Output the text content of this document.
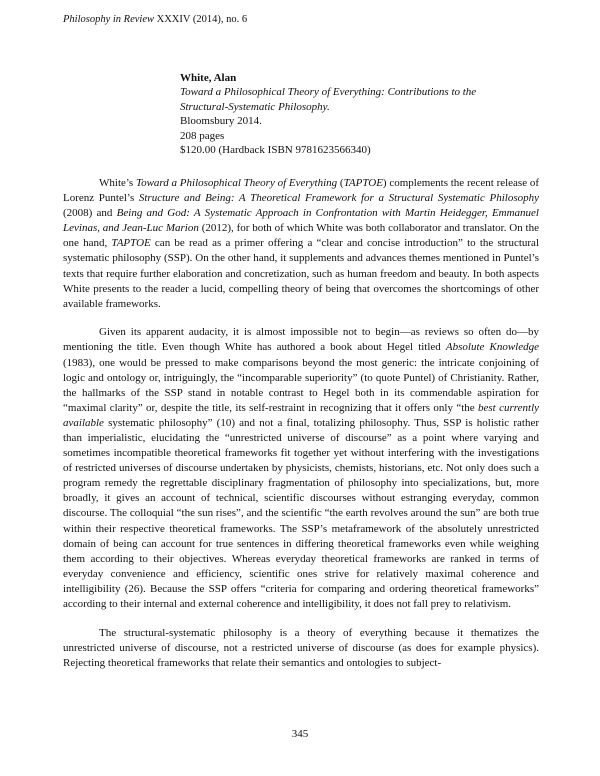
Philosophy in Review XXXIV (2014), no. 6
White, Alan
Toward a Philosophical Theory of Everything: Contributions to the
Structural-Systematic Philosophy.
Bloomsbury 2014.
208 pages
$120.00 (Hardback ISBN 9781623566340)

White’s Toward a Philosophical Theory of Everything (TAPTOE) complements the recent release of Lorenz Puntel’s Structure and Being: A Theoretical Framework for a Structural Systematic Philosophy (2008) and Being and God: A Systematic Approach in Confrontation with Martin Heidegger, Emmanuel Levinas, and Jean-Luc Marion (2012), for both of which White was both collaborator and translator. On the one hand, TAPTOE can be read as a primer offering a “clear and concise introduction” to the structural systematic philosophy (SSP). On the other hand, it supplements and advances themes mentioned in Puntel’s texts that require further elaboration and concretization, such as human freedom and beauty. In both aspects White presents to the reader a lucid, compelling theory of being that overcomes the shortcomings of other available frameworks.

Given its apparent audacity, it is almost impossible not to begin—as reviews so often do—by mentioning the title. Even though White has authored a book about Hegel titled Absolute Knowledge (1983), one would be pressed to make comparisons beyond the most generic: the intricate conjoining of logic and ontology or, intriguingly, the “incomparable superiority” (to quote Puntel) of Christianity. Rather, the hallmarks of the SSP stand in notable contrast to Hegel both in its commendable aspiration for “maximal clarity” or, despite the title, its self-restraint in recognizing that it offers only “the best currently available systematic philosophy” (10) and not a final, totalizing philosophy. Thus, SSP is holistic rather than imperialistic, elucidating the “unrestricted universe of discourse” as a point where varying and sometimes incompatible theoretical frameworks fit together yet without interfering with the investigations of restricted universes of discourse undertaken by physicists, chemists, historians, etc. Not only does such a program remedy the regrettable disciplinary fragmentation of philosophy into specializations, but, more broadly, it gives an account of technical, scientific discourses without estranging everyday, common discourse. The colloquial “the sun rises”, and the scientific “the earth revolves around the sun” are both true within their respective theoretical frameworks. The SSP’s metaframework of the absolutely unrestricted domain of being can account for true sentences in differing theoretical frameworks even while weighing them according to their objectives. Whereas everyday theoretical frameworks are ranked in terms of everyday convenience and efficiency, scientific ones strive for relatively maximal coherence and intelligibility (26). Because the SSP offers “criteria for comparing and ordering theoretical frameworks” according to their internal and external coherence and intelligibility, it does not fall prey to relativism.

The structural-systematic philosophy is a theory of everything because it thematizes the unrestricted universe of discourse, not a restricted universe of discourse (as does for example physics). Rejecting theoretical frameworks that relate their semantics and ontologies to subject-

345
